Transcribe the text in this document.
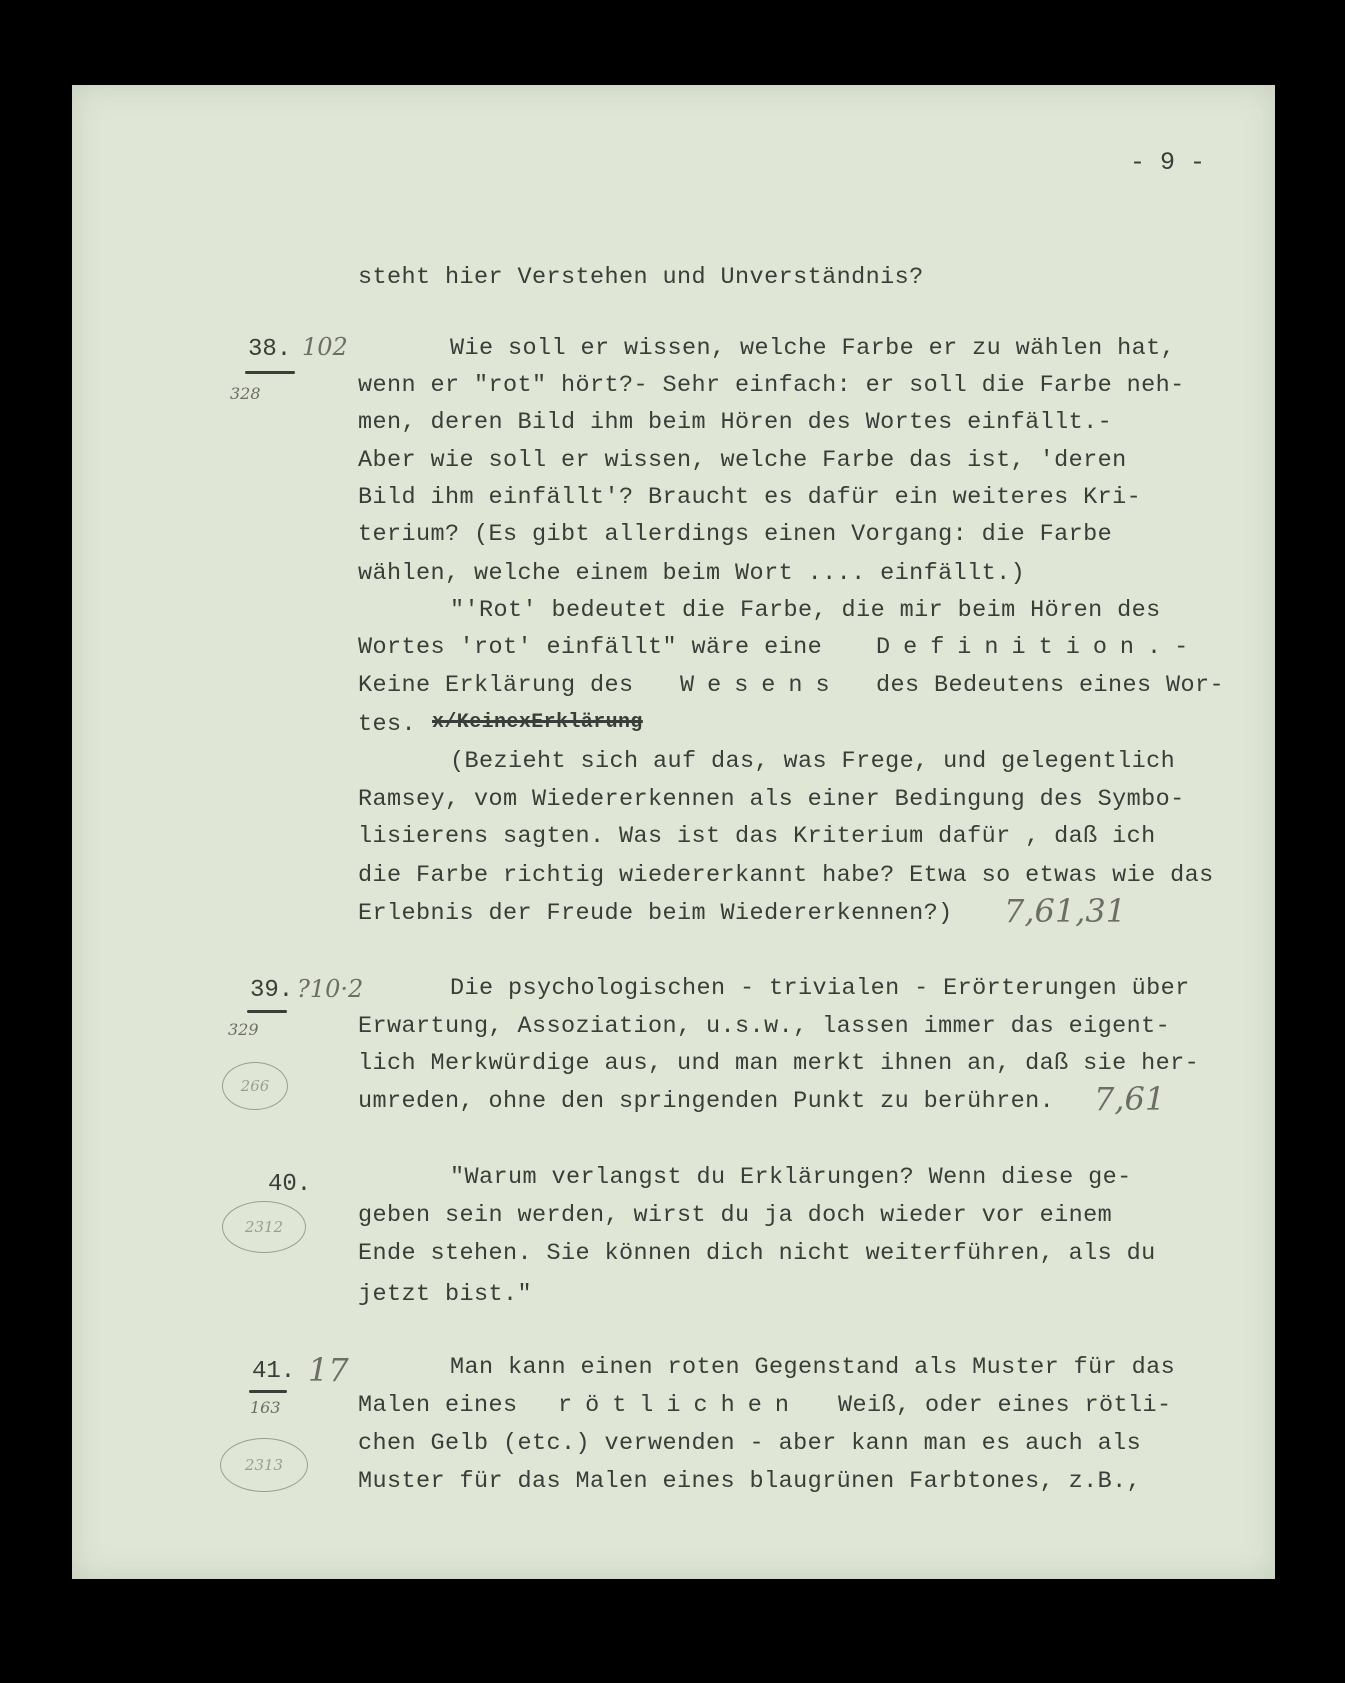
- 9 -
38. 102
328
steht hier Verstehen und Unverständnis?
Wie soll er wissen, welche Farbe er zu wählen hat,
wenn er "rot" hört?- Sehr einfach: er soll die Farbe neh-
men, deren Bild ihm beim Hören des Wortes einfällt.-
Aber wie soll er wissen, welche Farbe das ist, 'deren
Bild ihm einfällt'? Braucht es dafür ein weiteres Kri-
terium? (Es gibt allerdings einen Vorgang: die Farbe
wählen, welche einem beim Wort .... einfällt.)
"'Rot' bedeutet die Farbe, die mir beim Hören des
Wortes 'rot' einfällt" wäre eine Definition.-
Keine Erklärung des Wesens des Bedeutens eines Wor-
tes. x/KeinexErklärung
(Bezieht sich auf das, was Frege, und gelegentlich
Ramsey, vom Wiedererkennen als einer Bedingung des Symbo-
lisierens sagten. Was ist das Kriterium dafür , daß ich
die Farbe richtig wiedererkannt habe? Etwa so etwas wie das
Erlebnis der Freude beim Wiedererkennen?) 7,61,31
39. ?10·2
329
266
Die psychologischen - trivialen - Erörterungen über
Erwartung, Assoziation, u.s.w., lassen immer das eigent-
lich Merkwürdige aus, und man merkt ihnen an, daß sie her-
umreden, ohne den springenden Punkt zu berühren. 7,61
40.
2312
"Warum verlangst du Erklärungen? Wenn diese ge-
geben sein werden, wirst du ja doch wieder vor einem
Ende stehen. Sie können dich nicht weiterführen, als du
jetzt bist."
41. 17
163
2313
Man kann einen roten Gegenstand als Muster für das
Malen eines rötlichen Weiß, oder eines rötli-
chen Gelb (etc.) verwenden - aber kann man es auch als
Muster für das Malen eines blaugrünen Farbtones, z.B.,
